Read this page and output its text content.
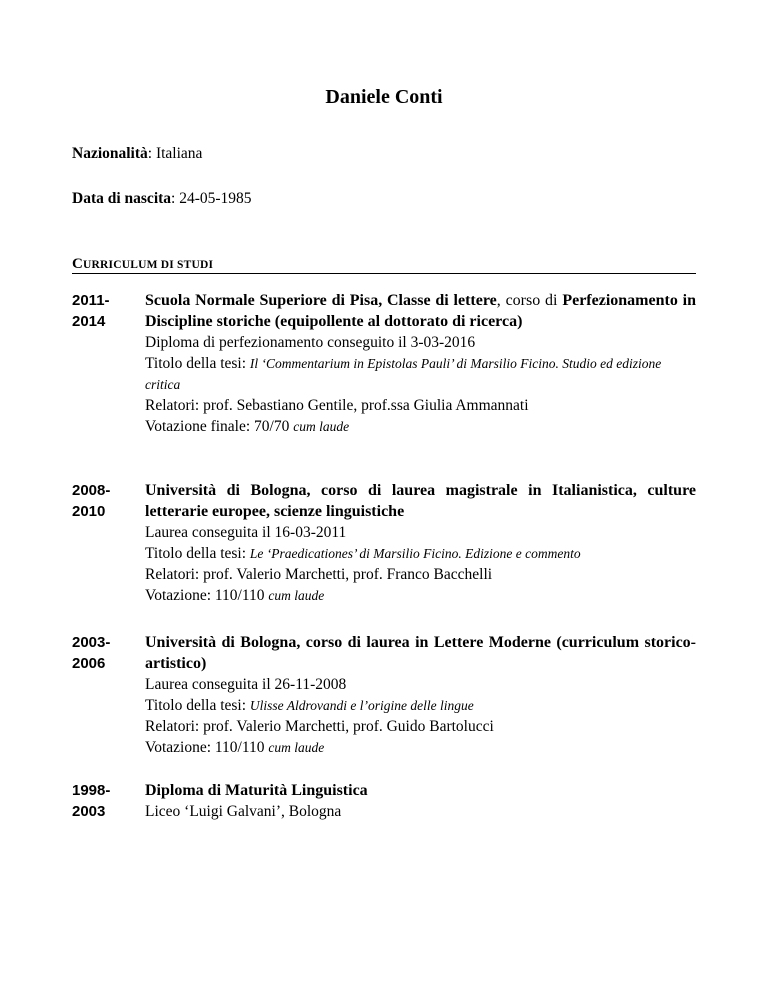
Daniele Conti
Nazionalità: Italiana
Data di nascita: 24-05-1985
CURRICULUM DI STUDI
2011-
2014
Scuola Normale Superiore di Pisa, Classe di lettere, corso di Perfezionamento in Discipline storiche (equipollente al dottorato di ricerca)
Diploma di perfezionamento conseguito il 3-03-2016
Titolo della tesi: Il ‘Commentarium in Epistolas Pauli’ di Marsilio Ficino. Studio ed edizione critica
Relatori: prof. Sebastiano Gentile, prof.ssa Giulia Ammannati
Votazione finale: 70/70 cum laude
2008-
2010
Università di Bologna, corso di laurea magistrale in Italianistica, culture letterarie europee, scienze linguistiche
Laurea conseguita il 16-03-2011
Titolo della tesi: Le ‘Praedicationes’ di Marsilio Ficino. Edizione e commento
Relatori: prof. Valerio Marchetti, prof. Franco Bacchelli
Votazione: 110/110 cum laude
2003-
2006
Università di Bologna, corso di laurea in Lettere Moderne (curriculum storico-artistico)
Laurea conseguita il 26-11-2008
Titolo della tesi: Ulisse Aldrovandi e l’origine delle lingue
Relatori: prof. Valerio Marchetti, prof. Guido Bartolucci
Votazione: 110/110 cum laude
1998-
2003
Diploma di Maturità Linguistica
Liceo ‘Luigi Galvani’, Bologna
